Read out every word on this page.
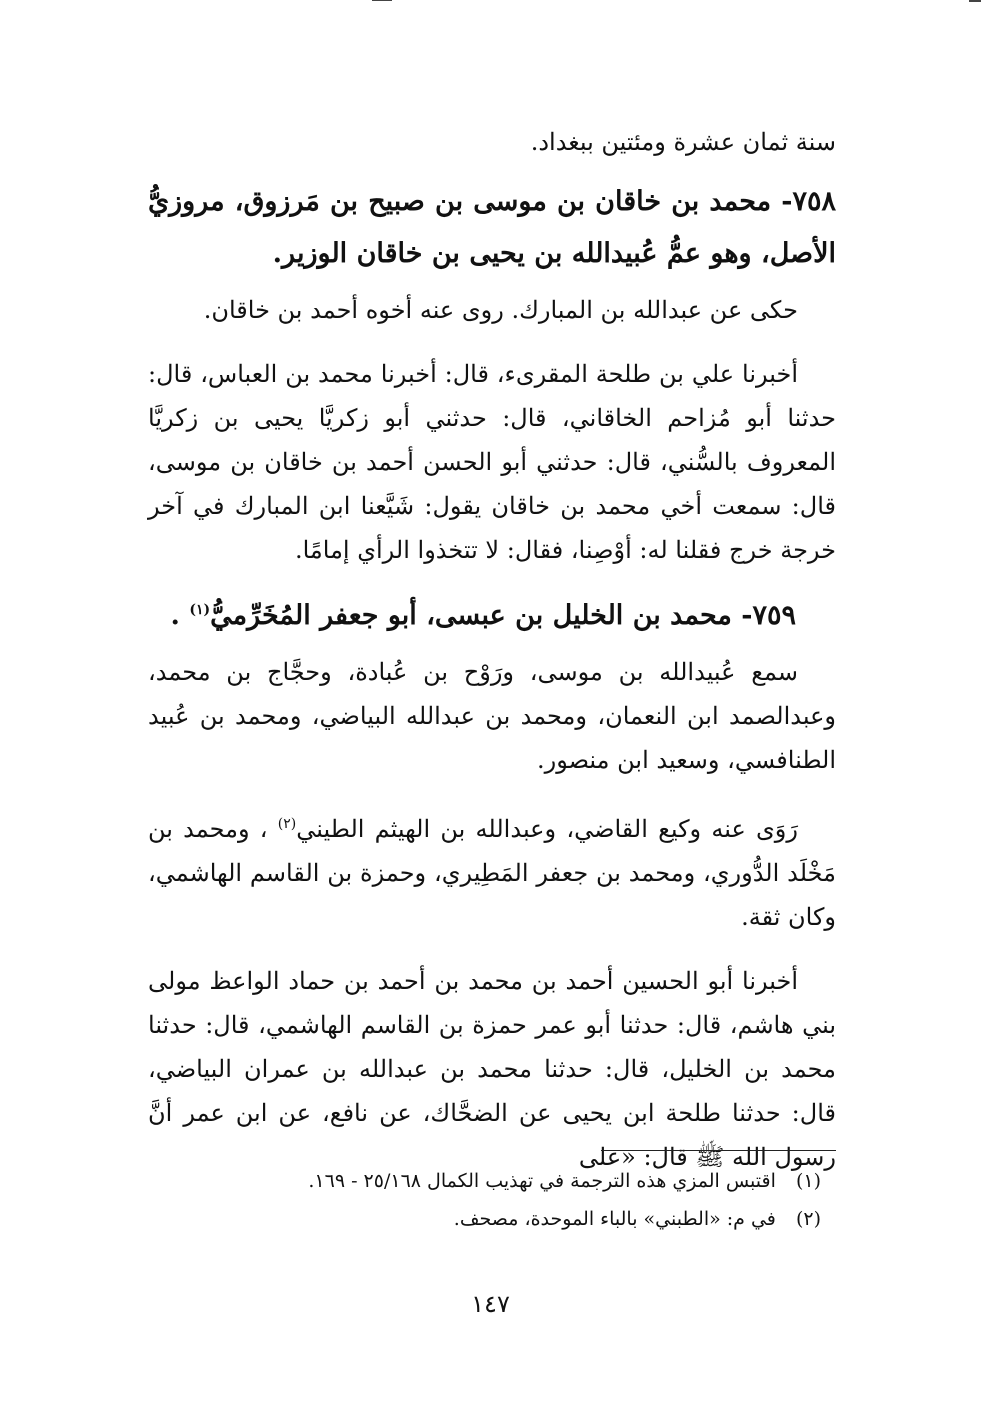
سنة ثمان عشرة ومئتين ببغداد.

٧٥٨- محمد بن خاقان بن موسى بن صبيح بن مَرزوق، مروزيُّ الأصل، وهو عمُّ عُبيدالله بن يحيى بن خاقان الوزير.

حكى عن عبدالله بن المبارك. روى عنه أخوه أحمد بن خاقان.

أخبرنا علي بن طلحة المقرىء، قال: أخبرنا محمد بن العباس، قال: حدثنا أبو مُزاحم الخاقاني، قال: حدثني أبو زكريَّا يحيى بن زكريَّا المعروف بالسُّني، قال: حدثني أبو الحسن أحمد بن خاقان بن موسى، قال: سمعت أخي محمد بن خاقان يقول: شَيَّعنا ابن المبارك في آخر خرجة خرج فقلنا له: أوْصِنا، فقال: لا تتخذوا الرأي إمامًا.

٧٥٩- محمد بن الخليل بن عبسى، أبو جعفر المُخَرِّميُّ$^{(١)}$ .

سمع عُبيدالله بن موسى، ورَوْح بن عُبادة، وحجَّاج بن محمد، وعبدالصمد ابن النعمان، ومحمد بن عبدالله البياضي، ومحمد بن عُبيد الطنافسي، وسعيد ابن منصور.

رَوَى عنه وكيع القاضي، وعبدالله بن الهيثم الطيني$^{(٢)}$ ، ومحمد بن مَخْلَد الدُّوري، ومحمد بن جعفر المَطِيري، وحمزة بن القاسم الهاشمي، وكان ثقة.

أخبرنا أبو الحسين أحمد بن محمد بن أحمد بن حماد الواعظ مولى بني هاشم، قال: حدثنا أبو عمر حمزة بن القاسم الهاشمي، قال: حدثنا محمد بن الخليل، قال: حدثنا محمد بن عبدالله بن عمران البياضي، قال: حدثنا طلحة ابن يحيى عن الضحَّاك، عن نافع، عن ابن عمر أنَّ رسول الله ﷺ قال: «على

(١) اقتبس المزي هذه الترجمة في تهذيب الكمال ٢٥/١٦٨ - ١٦٩.
(٢) في م: «الطبني» بالباء الموحدة، مصحف.
١٤٧
